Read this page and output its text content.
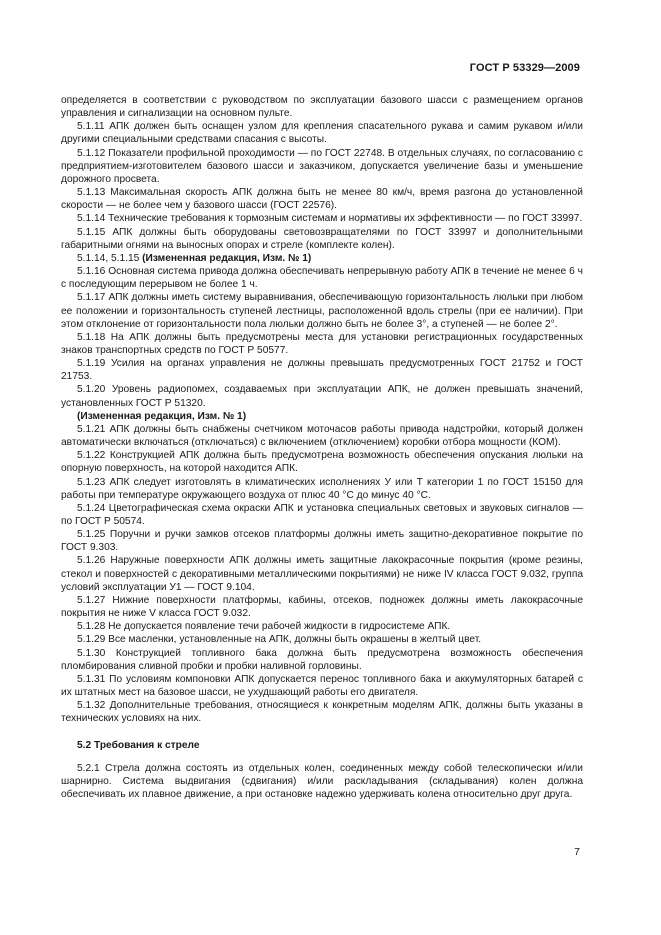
ГОСТ Р 53329—2009

определяется в соответствии с руководством по эксплуатации базового шасси с размещением органов управления и сигнализации на основном пульте.

5.1.11 АПК должен быть оснащен узлом для крепления спасательного рукава и самим рукавом и/или другими специальными средствами спасания с высоты.

5.1.12 Показатели профильной проходимости — по ГОСТ 22748. В отдельных случаях, по согласованию с предприятием-изготовителем базового шасси и заказчиком, допускается увеличение базы и уменьшение дорожного просвета.

5.1.13 Максимальная скорость АПК должна быть не менее 80 км/ч, время разгона до установленной скорости — не более чем у базового шасси (ГОСТ 22576).

5.1.14 Технические требования к тормозным системам и нормативы их эффективности — по ГОСТ 33997.

5.1.15 АПК должны быть оборудованы световозвращателями по ГОСТ 33997 и дополнительными габаритными огнями на выносных опорах и стреле (комплекте колен).

5.1.14, 5.1.15 (Измененная редакция, Изм. № 1)

5.1.16 Основная система привода должна обеспечивать непрерывную работу АПК в течение не менее 6 ч с последующим перерывом не более 1 ч.

5.1.17 АПК должны иметь систему выравнивания, обеспечивающую горизонтальность люльки при любом ее положении и горизонтальность ступеней лестницы, расположенной вдоль стрелы (при ее наличии). При этом отклонение от горизонтальности пола люльки должно быть не более 3°, а ступеней — не более 2°.

5.1.18 На АПК должны быть предусмотрены места для установки регистрационных государственных знаков транспортных средств по ГОСТ Р 50577.

5.1.19 Усилия на органах управления не должны превышать предусмотренных ГОСТ 21752 и ГОСТ 21753.

5.1.20 Уровень радиопомех, создаваемых при эксплуатации АПК, не должен превышать значений, установленных ГОСТ Р 51320.

(Измененная редакция, Изм. № 1)

5.1.21 АПК должны быть снабжены счетчиком моточасов работы привода надстройки, который должен автоматически включаться (отключаться) с включением (отключением) коробки отбора мощности (КОМ).

5.1.22 Конструкцией АПК должна быть предусмотрена возможность обеспечения опускания люльки на опорную поверхность, на которой находится АПК.

5.1.23 АПК следует изготовлять в климатических исполнениях У или Т категории 1 по ГОСТ 15150 для работы при температуре окружающего воздуха от плюс 40 °С до минус 40 °С.

5.1.24 Цветографическая схема окраски АПК и установка специальных световых и звуковых сигналов — по ГОСТ Р 50574.

5.1.25 Поручни и ручки замков отсеков платформы должны иметь защитно-декоративное покрытие по ГОСТ 9.303.

5.1.26 Наружные поверхности АПК должны иметь защитные лакокрасочные покрытия (кроме резины, стекол и поверхностей с декоративными металлическими покрытиями) не ниже IV класса ГОСТ 9.032, группа условий эксплуатации У1 — ГОСТ 9.104.

5.1.27 Нижние поверхности платформы, кабины, отсеков, подножек должны иметь лакокрасочные покрытия не ниже V класса ГОСТ 9.032.

5.1.28 Не допускается появление течи рабочей жидкости в гидросистеме АПК.

5.1.29 Все масленки, установленные на АПК, должны быть окрашены в желтый цвет.

5.1.30 Конструкцией топливного бака должна быть предусмотрена возможность обеспечения пломбирования сливной пробки и пробки наливной горловины.

5.1.31 По условиям компоновки АПК допускается перенос топливного бака и аккумуляторных батарей с их штатных мест на базовое шасси, не ухудшающий работы его двигателя.

5.1.32 Дополнительные требования, относящиеся к конкретным моделям АПК, должны быть указаны в технических условиях на них.

5.2 Требования к стреле

5.2.1 Стрела должна состоять из отдельных колен, соединенных между собой телескопически и/или шарнирно. Система выдвигания (сдвигания) и/или раскладывания (складывания) колен должна обеспечивать их плавное движение, а при остановке надежно удерживать колена относительно друг друга.

7
